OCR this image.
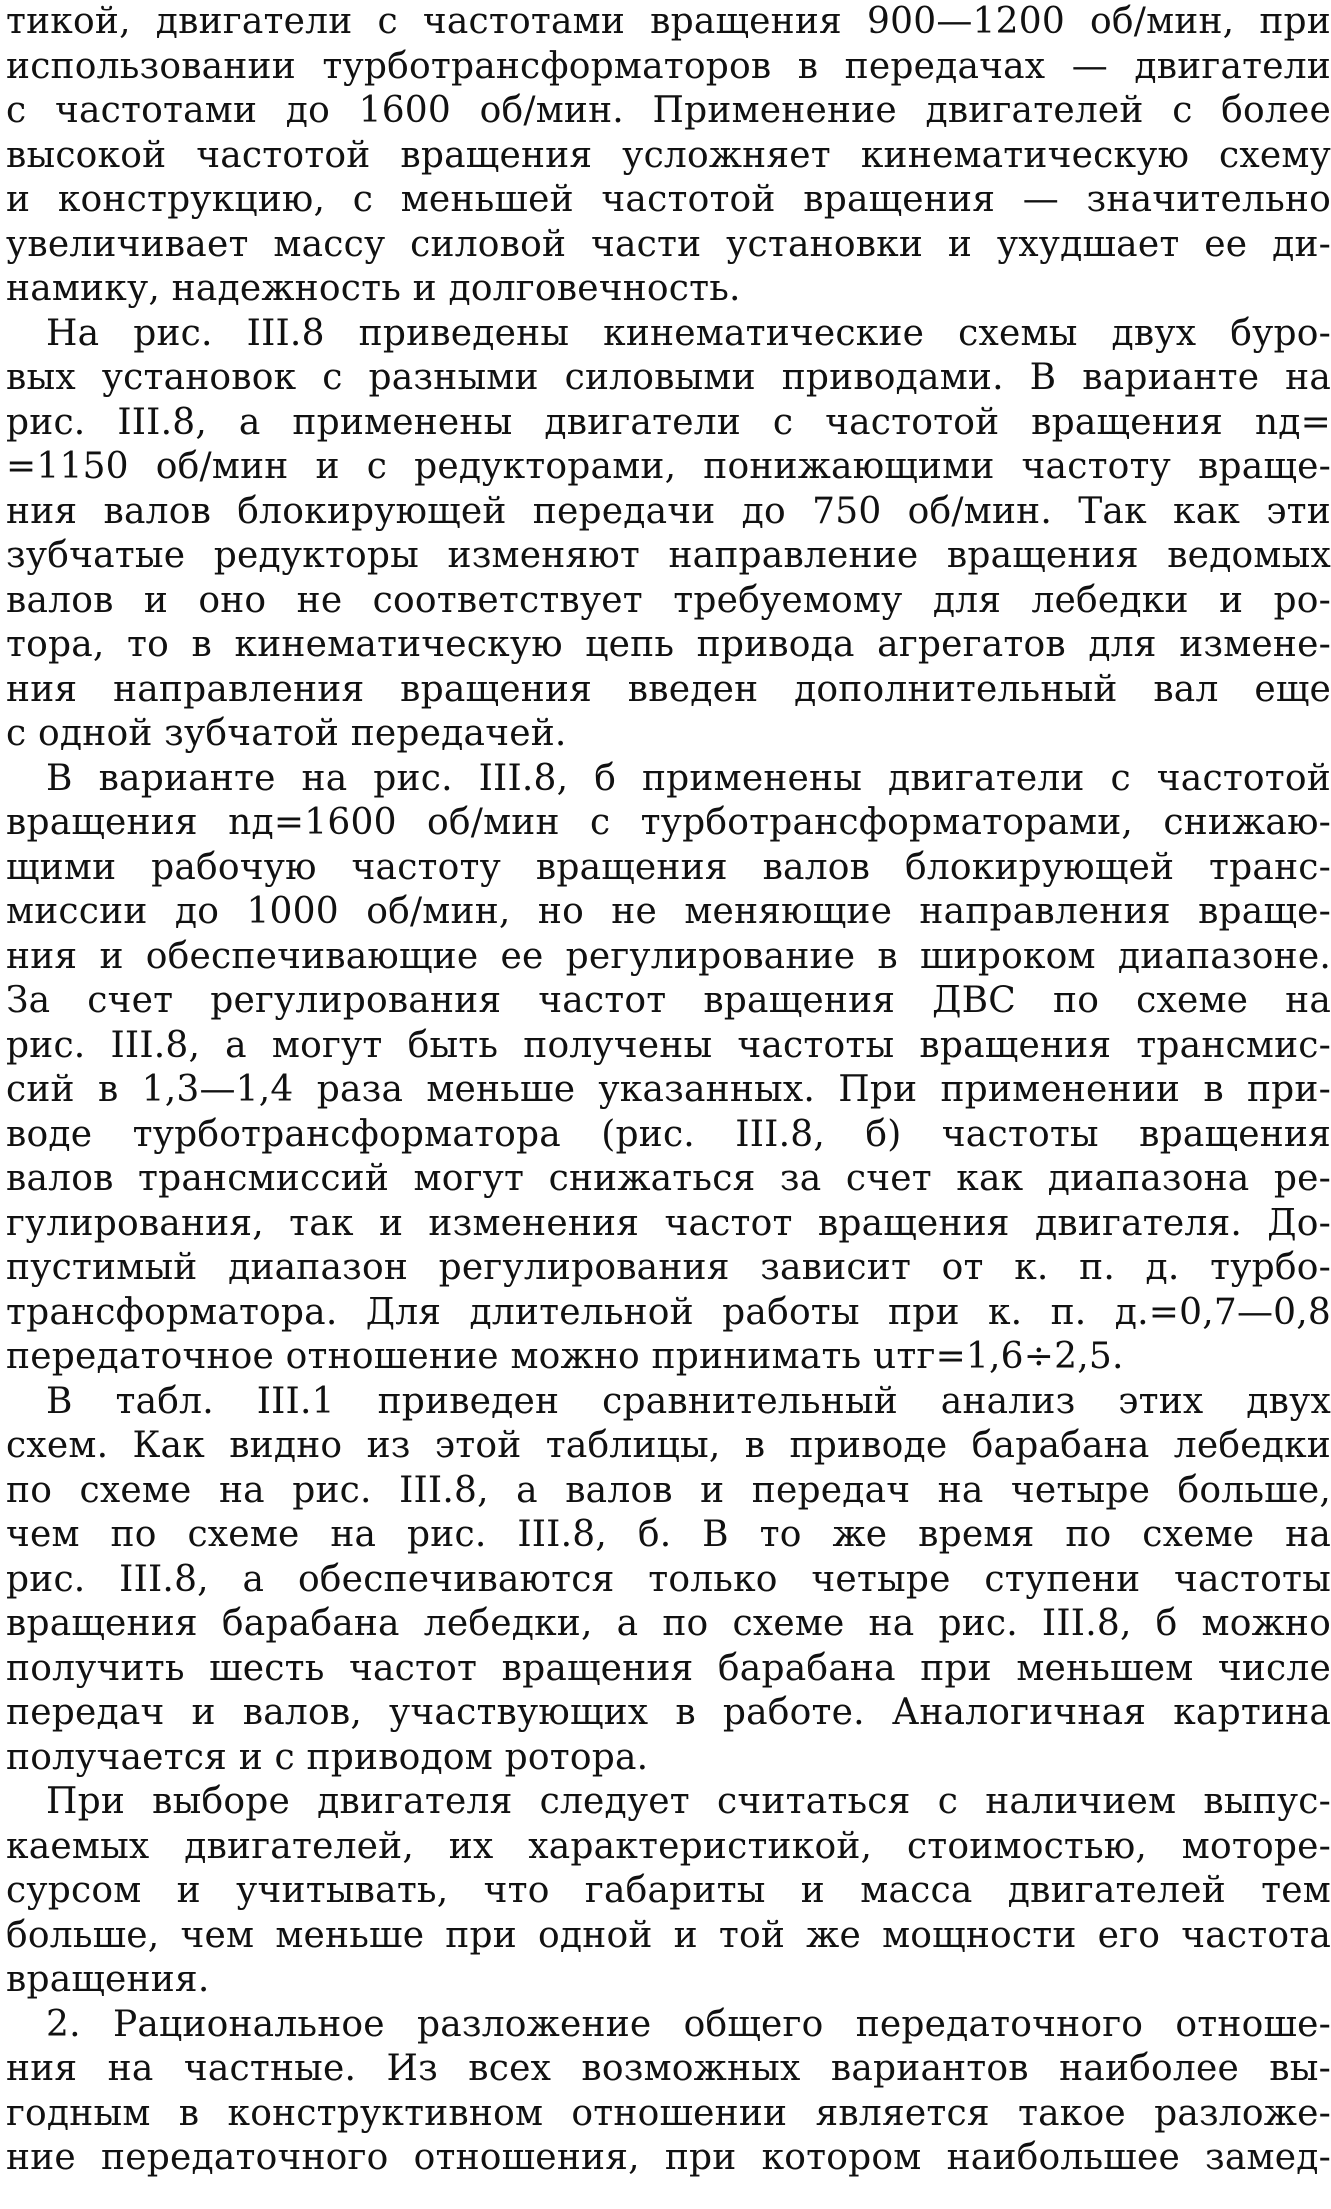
тикой, двигатели с частотами вращения 900—1200 об/мин, при
использовании турботрансформаторов в передачах — двигатели
с частотами до 1600 об/мин. Применение двигателей с более
высокой частотой вращения усложняет кинематическую схему
и конструкцию, с меньшей частотой вращения — значительно
увеличивает массу силовой части установки и ухудшает ее ди-
намику, надежность и долговечность.
На рис. III.8 приведены кинематические схемы двух буро-
вых установок с разными силовыми приводами. В варианте на
рис. III.8, а применены двигатели с частотой вращения nд=
=1150 об/мин и с редукторами, понижающими частоту враще-
ния валов блокирующей передачи до 750 об/мин. Так как эти
зубчатые редукторы изменяют направление вращения ведомых
валов и оно не соответствует требуемому для лебедки и ро-
тора, то в кинематическую цепь привода агрегатов для измене-
ния направления вращения введен дополнительный вал еще
с одной зубчатой передачей.
В варианте на рис. III.8, б применены двигатели с частотой
вращения nд=1600 об/мин с турботрансформаторами, снижаю-
щими рабочую частоту вращения валов блокирующей транс-
миссии до 1000 об/мин, но не меняющие направления враще-
ния и обеспечивающие ее регулирование в широком диапазоне.
За счет регулирования частот вращения ДВС по схеме на
рис. III.8, а могут быть получены частоты вращения трансмис-
сий в 1,3—1,4 раза меньше указанных. При применении в при-
воде турботрансформатора (рис. III.8, б) частоты вращения
валов трансмиссий могут снижаться за счет как диапазона ре-
гулирования, так и изменения частот вращения двигателя. До-
пустимый диапазон регулирования зависит от к. п. д. турбо-
трансформатора. Для длительной работы при к. п. д.=0,7—0,8
передаточное отношение можно принимать uтг=1,6÷2,5.
В табл. III.1 приведен сравнительный анализ этих двух
схем. Как видно из этой таблицы, в приводе барабана лебедки
по схеме на рис. III.8, а валов и передач на четыре больше,
чем по схеме на рис. III.8, б. В то же время по схеме на
рис. III.8, а обеспечиваются только четыре ступени частоты
вращения барабана лебедки, а по схеме на рис. III.8, б можно
получить шесть частот вращения барабана при меньшем числе
передач и валов, участвующих в работе. Аналогичная картина
получается и с приводом ротора.
При выборе двигателя следует считаться с наличием выпус-
каемых двигателей, их характеристикой, стоимостью, моторе-
сурсом и учитывать, что габариты и масса двигателей тем
больше, чем меньше при одной и той же мощности его частота
вращения.
2. Рациональное разложение общего передаточного отноше-
ния на частные. Из всех возможных вариантов наиболее вы-
годным в конструктивном отношении является такое разложе-
ние передаточного отношения, при котором наибольшее замед-
